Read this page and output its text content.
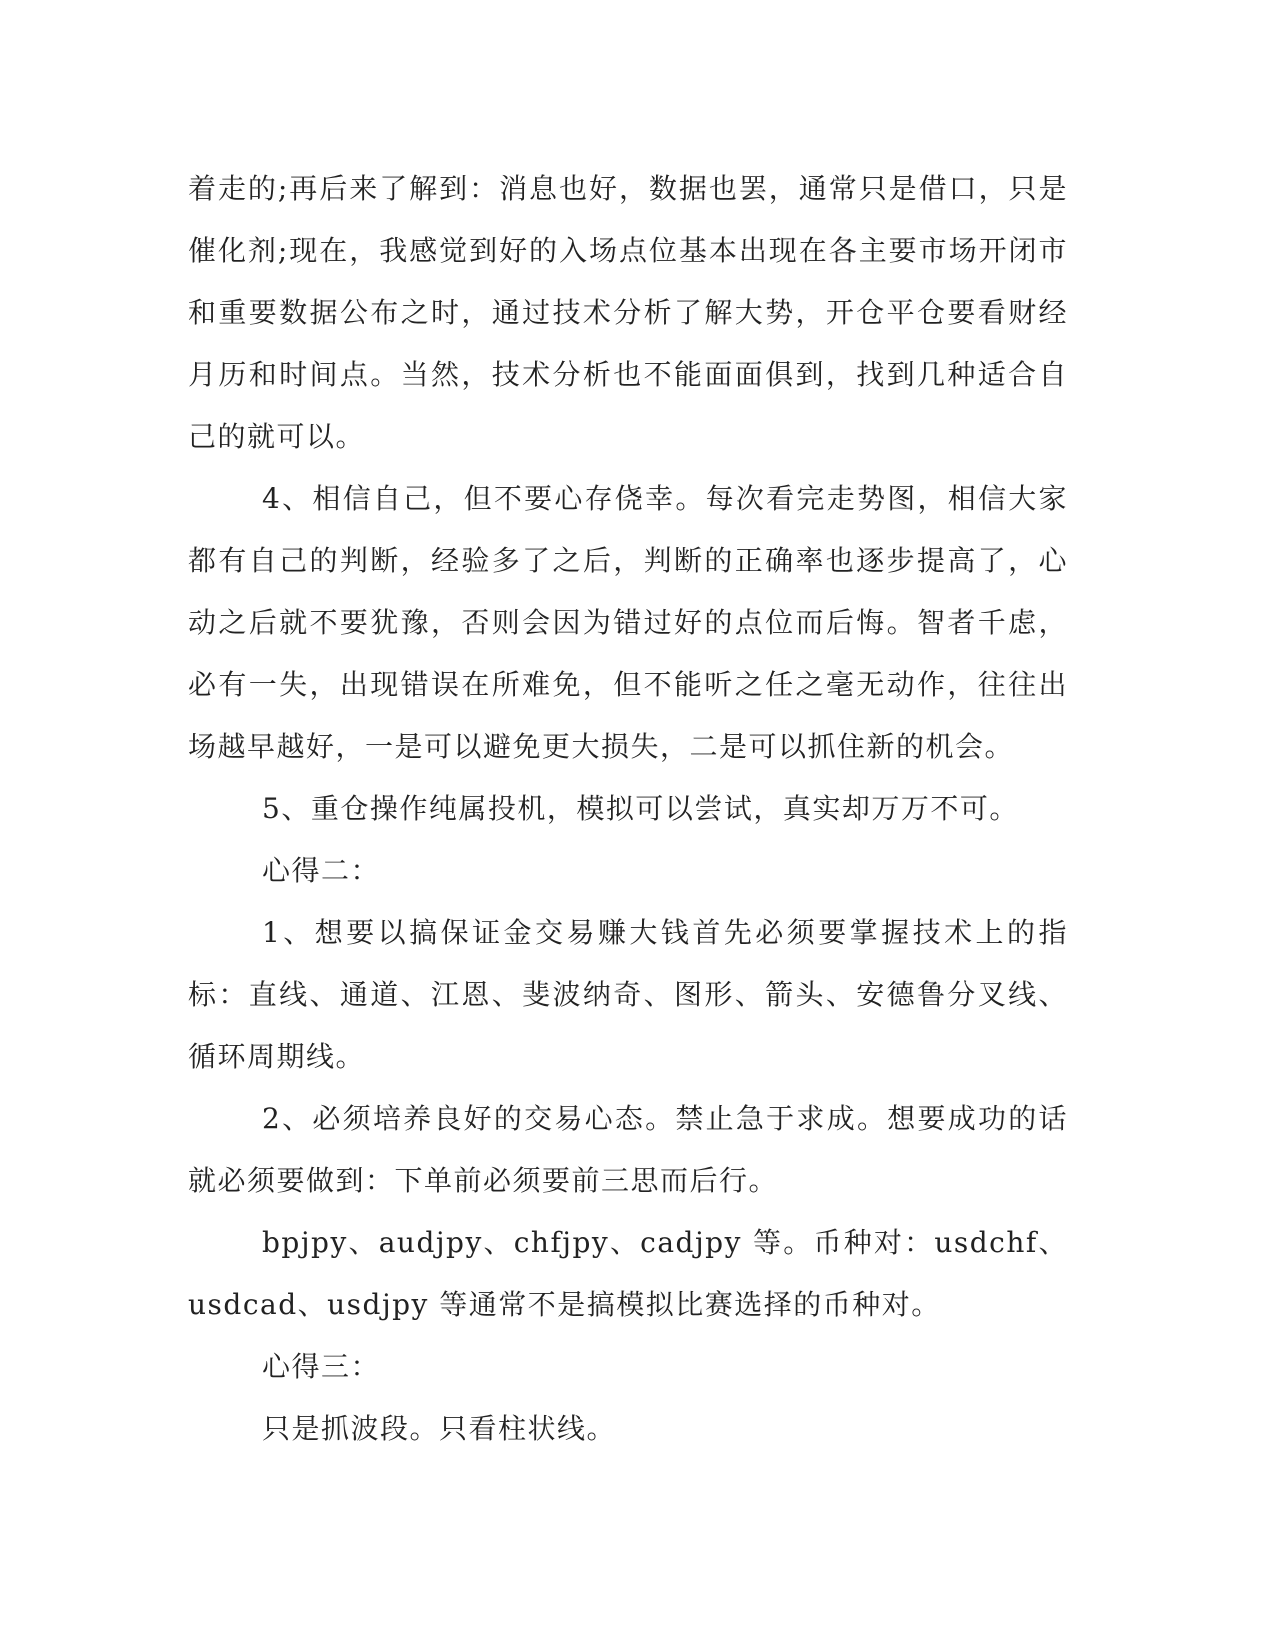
着走的;再后来了解到：消息也好，数据也罢，通常只是借口，只是催化剂;现在，我感觉到好的入场点位基本出现在各主要市场开闭市和重要数据公布之时，通过技术分析了解大势，开仓平仓要看财经月历和时间点。当然，技术分析也不能面面俱到，找到几种适合自己的就可以。

4、相信自己，但不要心存侥幸。每次看完走势图，相信大家都有自己的判断，经验多了之后，判断的正确率也逐步提高了，心动之后就不要犹豫，否则会因为错过好的点位而后悔。智者千虑，必有一失，出现错误在所难免，但不能听之任之毫无动作，往往出场越早越好，一是可以避免更大损失，二是可以抓住新的机会。

5、重仓操作纯属投机，模拟可以尝试，真实却万万不可。

心得二：

1、想要以搞保证金交易赚大钱首先必须要掌握技术上的指标：直线、通道、江恩、斐波纳奇、图形、箭头、安德鲁分叉线、循环周期线。

2、必须培养良好的交易心态。禁止急于求成。想要成功的话就必须要做到：下单前必须要前三思而后行。

bpjpy、audjpy、chfjpy、cadjpy 等。币种对：usdchf、usdcad、usdjpy 等通常不是搞模拟比赛选择的币种对。

心得三：

只是抓波段。只看柱状线。
